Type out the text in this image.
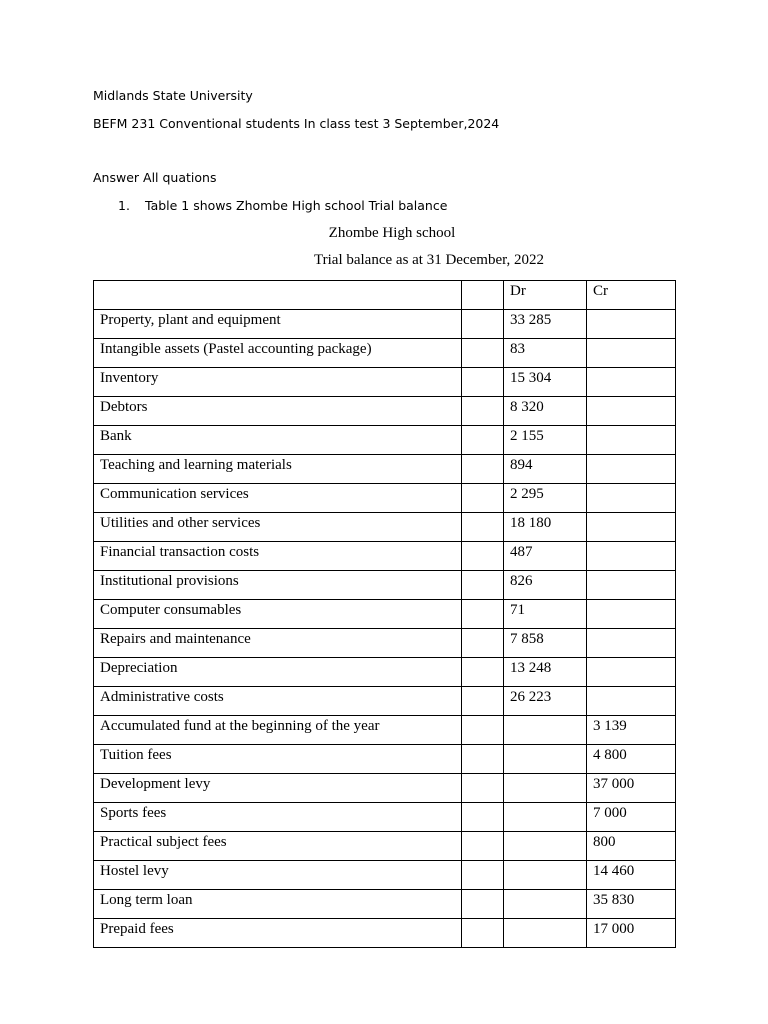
Midlands State University
BEFM 231 Conventional students In class test 3 September,2024
Answer All quations
1. Table 1 shows Zhombe High school Trial balance
Zhombe High school
Trial balance as at 31 December, 2022
		Dr	Cr
Property, plant and equipment		33 285	
Intangible assets (Pastel accounting package)		83	
Inventory		15 304	
Debtors		8 320	
Bank		2 155	
Teaching and learning materials		894	
Communication services		2 295	
Utilities and other services		18 180	
Financial transaction costs		487	
Institutional provisions		826	
Computer consumables		71	
Repairs and maintenance		7 858	
Depreciation		13 248	
Administrative costs		26 223	
Accumulated fund at the beginning of the year			3 139
Tuition fees			4 800
Development levy			37 000
Sports fees			7 000
Practical subject fees			800
Hostel levy			14 460
Long term loan			35 830
Prepaid fees			17 000
